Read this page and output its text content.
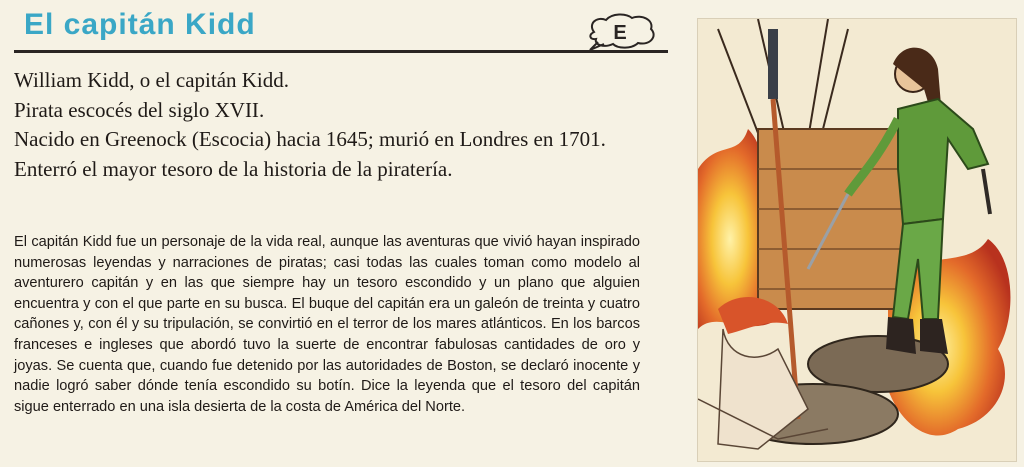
El capitán Kidd	E
William Kidd, o el capitán Kidd.
Pirata escocés del siglo XVII.
Nacido en Greenock (Escocia) hacia 1645; murió en Londres en 1701.
Enterró el mayor tesoro de la historia de la piratería.

El capitán Kidd fue un personaje de la vida real, aunque las aventuras que vivió hayan inspirado numerosas leyendas y narraciones de piratas; casi todas las cuales toman como modelo al aventurero capitán y en las que siempre hay un tesoro escondido y un plano que alguien encuentra y con el que parte en su busca. El buque del capitán era un galeón de treinta y cuatro cañones y, con él y su tripulación, se convirtió en el terror de los mares atlánticos. En los barcos franceses e ingleses que abordó tuvo la suerte de encontrar fabulosas cantidades de oro y joyas. Se cuenta que, cuando fue detenido por las autoridades de Boston, se declaró inocente y nadie logró saber dónde tenía escondido su botín. Dice la leyenda que el tesoro del capitán sigue enterrado en una isla desierta de la costa de América del Norte.
